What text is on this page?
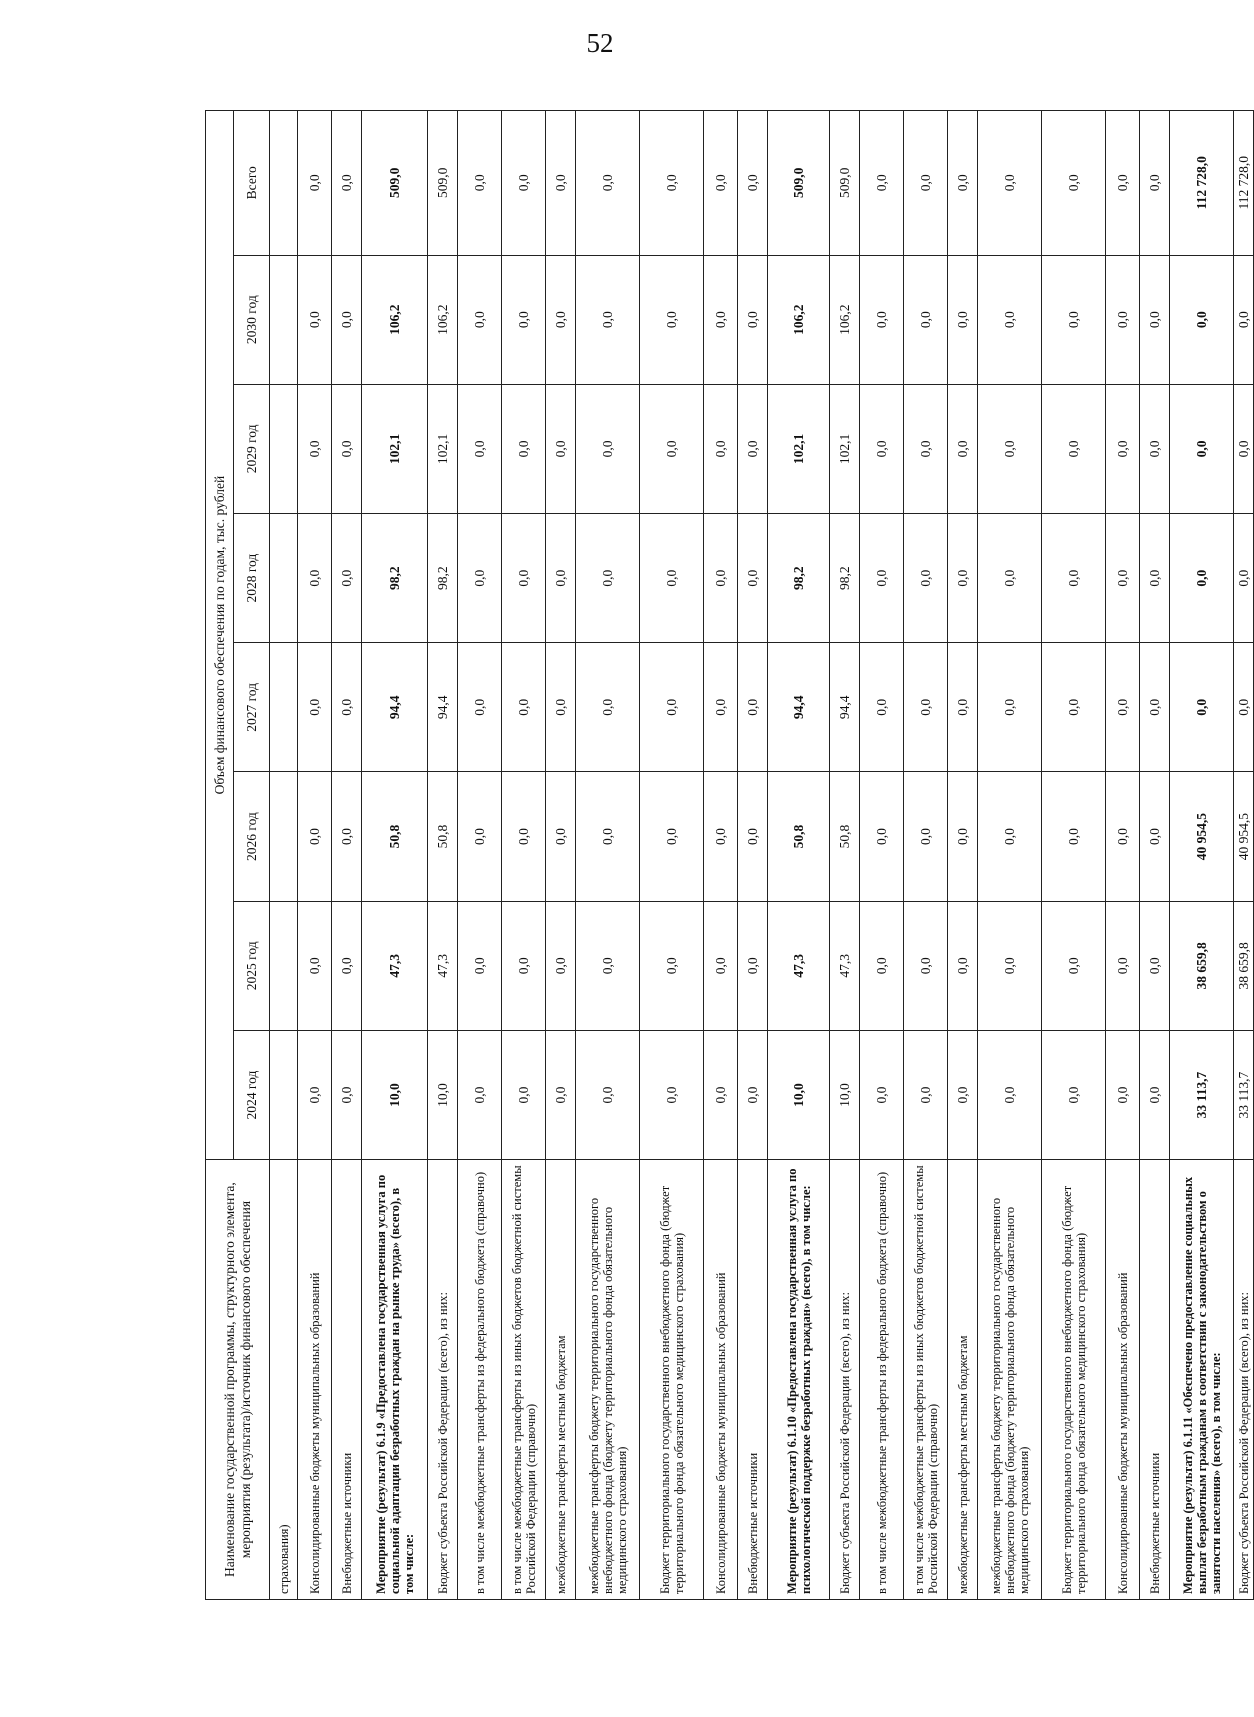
52
Наименование государственной программы, структурного элемента, мероприятия (результата)/источник финансового обеспечения	Объем финансового обеспечения по годам, тыс. рублей							
	2024 год	2025 год	2026 год	2027 год	2028 год	2029 год	2030 год	Всего
страхования)								
Консолидированные бюджеты муниципальных образований	0,0	0,0	0,0	0,0	0,0	0,0	0,0	0,0
Внебюджетные источники	0,0	0,0	0,0	0,0	0,0	0,0	0,0	0,0
Мероприятие (результат) 6.1.9 «Предоставлена государственная услуга по социальной адаптации безработных граждан на рынке труда» (всего), в том числе:	10,0	47,3	50,8	94,4	98,2	102,1	106,2	509,0
Бюджет субъекта Российской Федерации (всего), из них:	10,0	47,3	50,8	94,4	98,2	102,1	106,2	509,0
в том числе межбюджетные трансферты из федерального бюджета (справочно)	0,0	0,0	0,0	0,0	0,0	0,0	0,0	0,0
в том числе межбюджетные трансферты из иных бюджетов бюджетной системы Российской Федерации (справочно)	0,0	0,0	0,0	0,0	0,0	0,0	0,0	0,0
межбюджетные трансферты местным бюджетам	0,0	0,0	0,0	0,0	0,0	0,0	0,0	0,0
межбюджетные трансферты бюджету территориального государственного внебюджетного фонда (бюджету территориального фонда обязательного медицинского страхования)	0,0	0,0	0,0	0,0	0,0	0,0	0,0	0,0
Бюджет территориального государственного внебюджетного фонда (бюджет территориального фонда обязательного медицинского страхования)	0,0	0,0	0,0	0,0	0,0	0,0	0,0	0,0
Консолидированные бюджеты муниципальных образований	0,0	0,0	0,0	0,0	0,0	0,0	0,0	0,0
Внебюджетные источники	0,0	0,0	0,0	0,0	0,0	0,0	0,0	0,0
Мероприятие (результат) 6.1.10 «Предоставлена государственная услуга по психологической поддержке безработных граждан» (всего), в том числе:	10,0	47,3	50,8	94,4	98,2	102,1	106,2	509,0
Бюджет субъекта Российской Федерации (всего), из них:	10,0	47,3	50,8	94,4	98,2	102,1	106,2	509,0
в том числе межбюджетные трансферты из федерального бюджета (справочно)	0,0	0,0	0,0	0,0	0,0	0,0	0,0	0,0
в том числе межбюджетные трансферты из иных бюджетов бюджетной системы Российской Федерации (справочно)	0,0	0,0	0,0	0,0	0,0	0,0	0,0	0,0
межбюджетные трансферты местным бюджетам	0,0	0,0	0,0	0,0	0,0	0,0	0,0	0,0
межбюджетные трансферты бюджету территориального государственного внебюджетного фонда (бюджету территориального фонда обязательного медицинского страхования)	0,0	0,0	0,0	0,0	0,0	0,0	0,0	0,0
Бюджет территориального государственного внебюджетного фонда (бюджет территориального фонда обязательного медицинского страхования)	0,0	0,0	0,0	0,0	0,0	0,0	0,0	0,0
Консолидированные бюджеты муниципальных образований	0,0	0,0	0,0	0,0	0,0	0,0	0,0	0,0
Внебюджетные источники	0,0	0,0	0,0	0,0	0,0	0,0	0,0	0,0
Мероприятие (результат) 6.1.11 «Обеспечено предоставление социальных выплат безработным гражданам в соответствии с законодательством о занятости населения» (всего), в том числе:	33 113,7	38 659,8	40 954,5	0,0	0,0	0,0	0,0	112 728,0
Бюджет субъекта Российской Федерации (всего), из них:	33 113,7	38 659,8	40 954,5	0,0	0,0	0,0	0,0	112 728,0
